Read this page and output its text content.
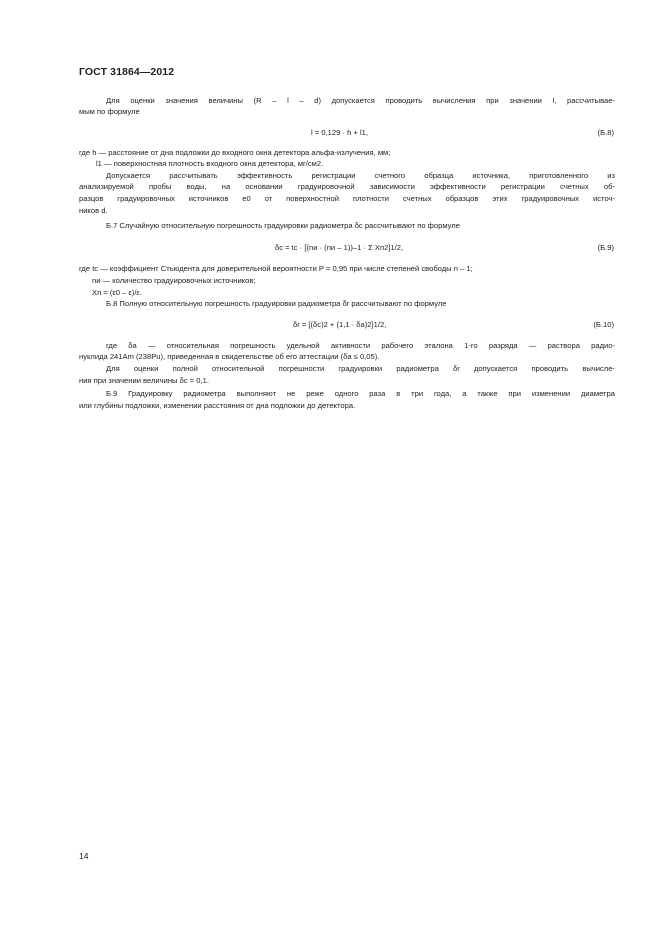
ГОСТ 31864—2012
Для оценки значения величины (R – l – d) допускается проводить вычисления при значении l, рассчитывае-
мым по формуле
l = 0,129 · h + l1,	(Б.8)
где h — расстояние от дна подложки до входного окна детектора альфа-излучения, мм;
l1 — поверхностная плотность входного окна детектора, мг/см2.
Допускается рассчитывать эффективность регистрации счетного образца источника, приготовленного из
анализируемой пробы воды, на основании градуировочной зависимости эффективности регистрации счетных об-
разцов градуировочных источников е0 от поверхностной плотности счетных образцов этих градуировочных источ-
ников d.
Б.7 Случайную относительную погрешность градуировки радиометра δc рассчитывают по формуле
δc = tc · [(nи · (nи – 1))–1 · Σ Xп2]1/2,	(Б.9)
где tc — коэффициент Стьюдента для доверительной вероятности P = 0,95 при числе степеней свободы n – 1;
nи — количество градуировочных источников;
Xп = (ε0 – ε)/ε.
Б.8 Полную относительную погрешность градуировки радиометра δr рассчитывают по формуле
δr = [(δc)2 + (1,1 · δa)2]1/2,	(Б.10)
где δa — относительная погрешность удельной активности рабочего эталона 1-го разряда — раствора радио-
нуклида 241Am (238Pu), приведенная в свидетельстве об его аттестации (δa ≤ 0,05).
Для оценки полной относительной погрешности градуировки радиометра δr допускается проводить вычисле-
ния при значении величины δc = 0,1.
Б.9 Градуировку радиометра выполняют не реже одного раза в три года, а также при изменении диаметра
или глубины подложки, изменении расстояния от дна подложки до детектора.
14
